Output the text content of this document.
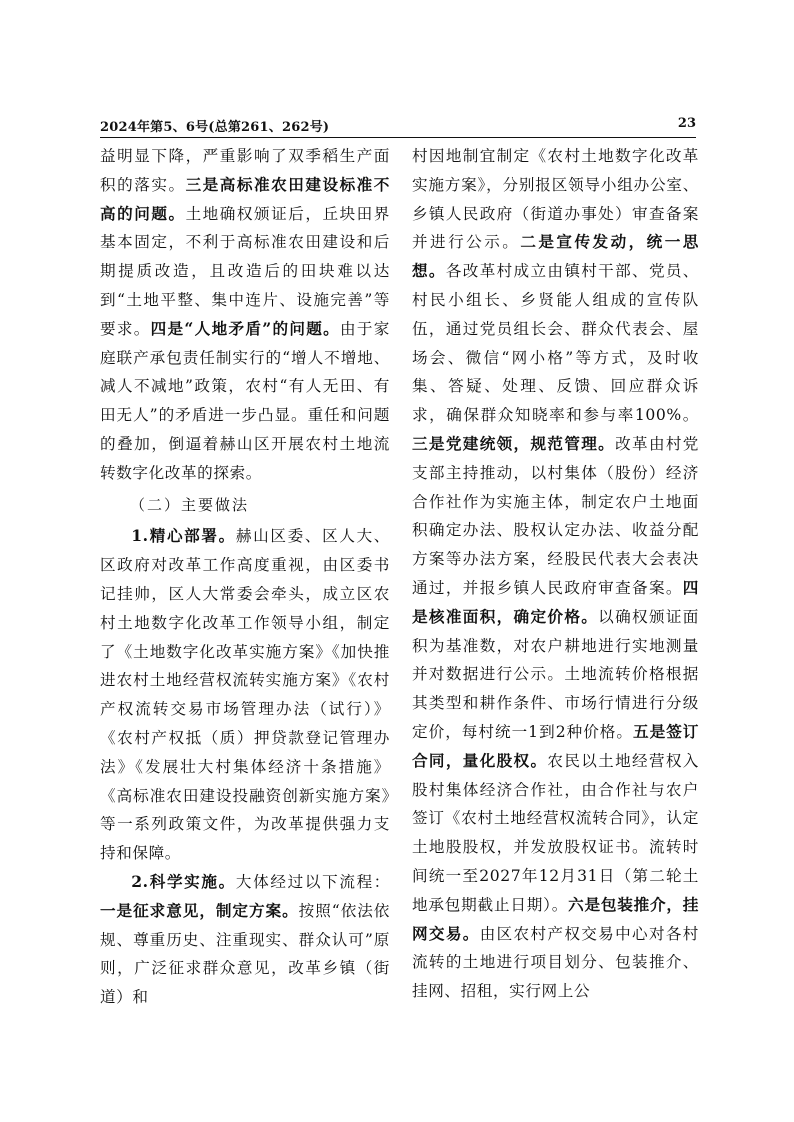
2024年第5、6号(总第261、262号)	23

益明显下降，严重影响了双季稻生产面积的落实。三是高标准农田建设标准不高的问题。土地确权颁证后，丘块田界基本固定，不利于高标准农田建设和后期提质改造，且改造后的田块难以达到“土地平整、集中连片、设施完善”等要求。四是“人地矛盾”的问题。由于家庭联产承包责任制实行的“增人不增地、减人不减地”政策，农村“有人无田、有田无人”的矛盾进一步凸显。重任和问题的叠加，倒逼着赫山区开展农村土地流转数字化改革的探索。

（二）主要做法

1.精心部署。赫山区委、区人大、区政府对改革工作高度重视，由区委书记挂帅，区人大常委会牵头，成立区农村土地数字化改革工作领导小组，制定了《土地数字化改革实施方案》《加快推进农村土地经营权流转实施方案》《农村产权流转交易市场管理办法（试行）》《农村产权抵（质）押贷款登记管理办法》《发展壮大村集体经济十条措施》《高标准农田建设投融资创新实施方案》等一系列政策文件，为改革提供强力支持和保障。

2.科学实施。大体经过以下流程：一是征求意见，制定方案。按照“依法依规、尊重历史、注重现实、群众认可”原则，广泛征求群众意见，改革乡镇（街道）和

村因地制宜制定《农村土地数字化改革实施方案》，分别报区领导小组办公室、乡镇人民政府（街道办事处）审查备案并进行公示。二是宣传发动，统一思想。各改革村成立由镇村干部、党员、村民小组长、乡贤能人组成的宣传队伍，通过党员组长会、群众代表会、屋场会、微信“网小格”等方式，及时收集、答疑、处理、反馈、回应群众诉求，确保群众知晓率和参与率100%。三是党建统领，规范管理。改革由村党支部主持推动，以村集体（股份）经济合作社作为实施主体，制定农户土地面积确定办法、股权认定办法、收益分配方案等办法方案，经股民代表大会表决通过，并报乡镇人民政府审查备案。四是核准面积，确定价格。以确权颁证面积为基准数，对农户耕地进行实地测量并对数据进行公示。土地流转价格根据其类型和耕作条件、市场行情进行分级定价，每村统一1到2种价格。五是签订合同，量化股权。农民以土地经营权入股村集体经济合作社，由合作社与农户签订《农村土地经营权流转合同》，认定土地股股权，并发放股权证书。流转时间统一至2027年12月31日（第二轮土地承包期截止日期）。六是包装推介，挂网交易。由区农村产权交易中心对各村流转的土地进行项目划分、包装推介、挂网、招租，实行网上公
